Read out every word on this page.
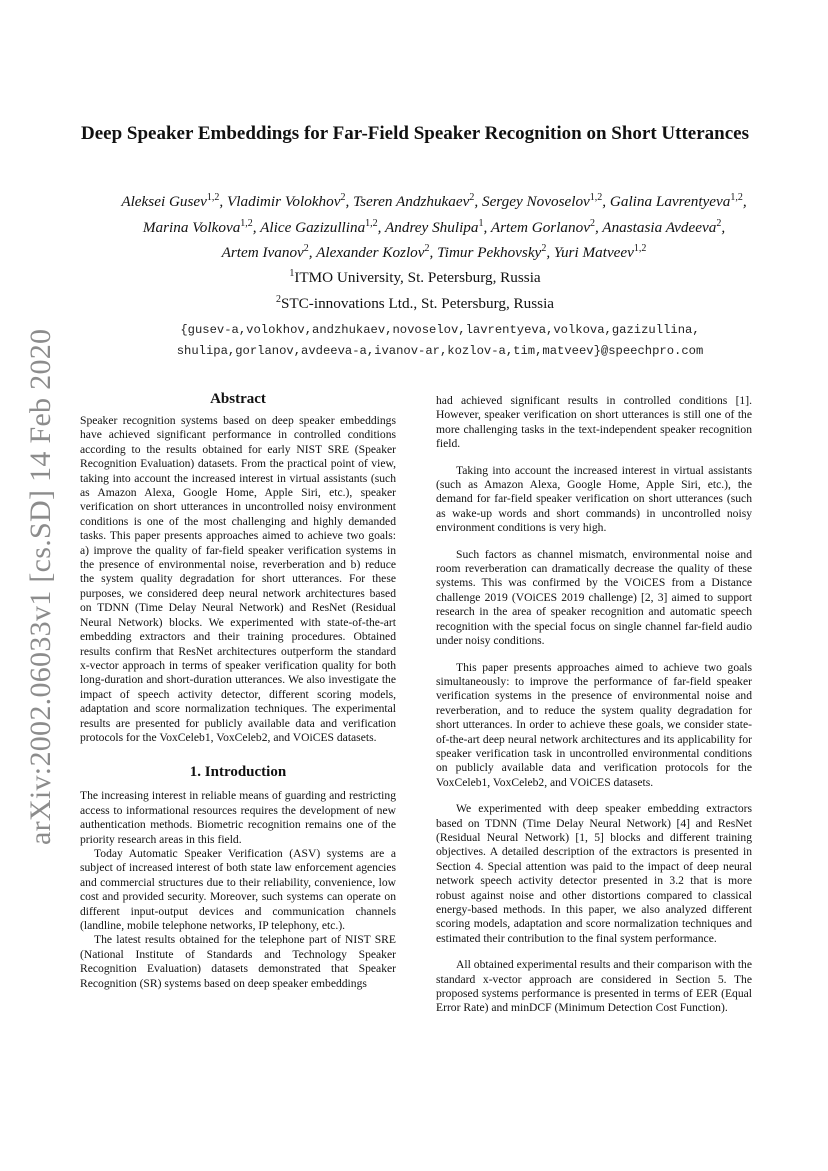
arXiv:2002.06033v1 [cs.SD] 14 Feb 2020
Deep Speaker Embeddings for Far-Field Speaker Recognition on Short Utterances
Aleksei Gusev$^{1,2}$, Vladimir Volokhov$^2$, Tseren Andzhukaev$^2$, Sergey Novoselov$^{1,2}$, Galina Lavrentyeva$^{1,2}$,
Marina Volkova$^{1,2}$, Alice Gazizullina$^{1,2}$, Andrey Shulipa$^1$, Artem Gorlanov$^2$, Anastasia Avdeeva$^2$,
Artem Ivanov$^2$, Alexander Kozlov$^2$, Timur Pekhovsky$^2$, Yuri Matveev$^{1,2}$
$^1$ITMO University, St. Petersburg, Russia
$^2$STC-innovations Ltd., St. Petersburg, Russia
{gusev-a,volokhov,andzhukaev,novoselov,lavrentyeva,volkova,gazizullina,
shulipa,gorlanov,avdeeva-a,ivanov-ar,kozlov-a,tim,matveev}@speechpro.com
Abstract

Speaker recognition systems based on deep speaker embeddings have achieved significant performance in controlled conditions according to the results obtained for early NIST SRE (Speaker Recognition Evaluation) datasets. From the practical point of view, taking into account the increased interest in virtual assistants (such as Amazon Alexa, Google Home, Apple Siri, etc.), speaker verification on short utterances in uncontrolled noisy environment conditions is one of the most challenging and highly demanded tasks. This paper presents approaches aimed to achieve two goals: a) improve the quality of far-field speaker verification systems in the presence of environmental noise, reverberation and b) reduce the system quality degradation for short utterances. For these purposes, we considered deep neural network architectures based on TDNN (Time Delay Neural Network) and ResNet (Residual Neural Network) blocks. We experimented with state-of-the-art embedding extractors and their training procedures. Obtained results confirm that ResNet architectures outperform the standard x-vector approach in terms of speaker verification quality for both long-duration and short-duration utterances. We also investigate the impact of speech activity detector, different scoring models, adaptation and score normalization techniques. The experimental results are presented for publicly available data and verification protocols for the VoxCeleb1, VoxCeleb2, and VOiCES datasets.

1. Introduction

The increasing interest in reliable means of guarding and restricting access to informational resources requires the development of new authentication methods. Biometric recognition remains one of the priority research areas in this field.

Today Automatic Speaker Verification (ASV) systems are a subject of increased interest of both state law enforcement agencies and commercial structures due to their reliability, convenience, low cost and provided security. Moreover, such systems can operate on different input-output devices and communication channels (landline, mobile telephone networks, IP telephony, etc.).

The latest results obtained for the telephone part of NIST SRE (National Institute of Standards and Technology Speaker Recognition Evaluation) datasets demonstrated that Speaker Recognition (SR) systems based on deep speaker embeddings

had achieved significant results in controlled conditions [1]. However, speaker verification on short utterances is still one of the more challenging tasks in the text-independent speaker recognition field.

Taking into account the increased interest in virtual assistants (such as Amazon Alexa, Google Home, Apple Siri, etc.), the demand for far-field speaker verification on short utterances (such as wake-up words and short commands) in uncontrolled noisy environment conditions is very high.

Such factors as channel mismatch, environmental noise and room reverberation can dramatically decrease the quality of these systems. This was confirmed by the VOiCES from a Distance challenge 2019 (VOiCES 2019 challenge) [2, 3] aimed to support research in the area of speaker recognition and automatic speech recognition with the special focus on single channel far-field audio under noisy conditions.

This paper presents approaches aimed to achieve two goals simultaneously: to improve the performance of far-field speaker verification systems in the presence of environmental noise and reverberation, and to reduce the system quality degradation for short utterances. In order to achieve these goals, we consider state-of-the-art deep neural network architectures and its applicability for speaker verification task in uncontrolled environmental conditions on publicly available data and verification protocols for the VoxCeleb1, VoxCeleb2, and VOiCES datasets.

We experimented with deep speaker embedding extractors based on TDNN (Time Delay Neural Network) [4] and ResNet (Residual Neural Network) [1, 5] blocks and different training objectives. A detailed description of the extractors is presented in Section 4. Special attention was paid to the impact of deep neural network speech activity detector presented in 3.2 that is more robust against noise and other distortions compared to classical energy-based methods. In this paper, we also analyzed different scoring models, adaptation and score normalization techniques and estimated their contribution to the final system performance.

All obtained experimental results and their comparison with the standard x-vector approach are considered in Section 5. The proposed systems performance is presented in terms of EER (Equal Error Rate) and minDCF (Minimum Detection Cost Function).
